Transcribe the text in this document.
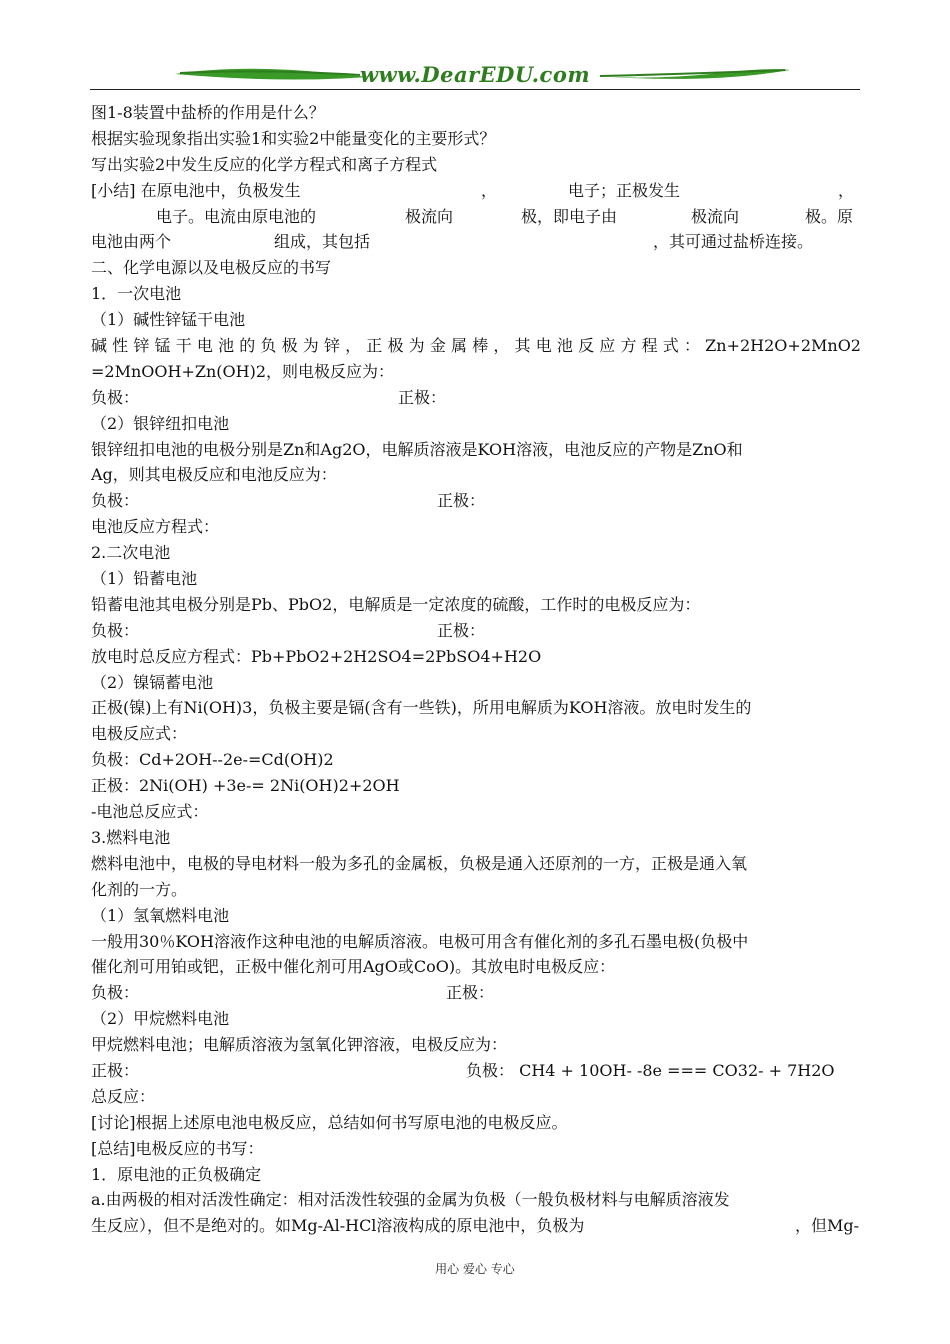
www.DearEDU.com
图1-8装置中盐桥的作用是什么？
根据实验现象指出实验1和实验2中能量变化的主要形式？
写出实验2中发生反应的化学方程式和离子方程式
[小结] 在原电池中，负极发生	，	电子；正极发生	，
电子。电流由原电池的	极流向	极，即电子由	极流向	极。原
电池由两个	组成，其包括	，其可通过盐桥连接。
二、化学电源以及电极反应的书写
1．一次电池
（1）碱性锌锰干电池
碱性锌锰干电池的负极为锌，正极为金属棒，其电池反应方程式：Zn+2H2O+2MnO2
=2MnOOH+Zn(OH)2，则电极反应为：
负极：	正极：
（2）银锌纽扣电池
银锌纽扣电池的电极分别是Zn和Ag2O，电解质溶液是KOH溶液，电池反应的产物是ZnO和
Ag，则其电极反应和电池反应为：
负极：	正极：
电池反应方程式：
2.二次电池
（1）铅蓄电池
铅蓄电池其电极分别是Pb、PbO2，电解质是一定浓度的硫酸，工作时的电极反应为：
负极：	正极：
放电时总反应方程式：Pb+PbO2+2H2SO4=2PbSO4+H2O
（2）镍镉蓄电池
正极(镍)上有Ni(OH)3，负极主要是镉(含有一些铁)，所用电解质为KOH溶液。放电时发生的
电极反应式：
负极：Cd+2OH--2e-=Cd(OH)2
正极：2Ni(OH) +3e-= 2Ni(OH)2+2OH
-电池总反应式：
3.燃料电池
燃料电池中，电极的导电材料一般为多孔的金属板，负极是通入还原剂的一方，正极是通入氧
化剂的一方。
（1）氢氧燃料电池
一般用30％KOH溶液作这种电池的电解质溶液。电极可用含有催化剂的多孔石墨电极(负极中
催化剂可用铂或钯，正极中催化剂可用AgO或CoO)。其放电时电极反应：
负极：	正极：
（2）甲烷燃料电池
甲烷燃料电池；电解质溶液为氢氧化钾溶液，电极反应为：
正极：	负极： CH4 + 10OH- -8e === CO32- + 7H2O
总反应：
[讨论]根据上述原电池电极反应，总结如何书写原电池的电极反应。
[总结]电极反应的书写：
1．原电池的正负极确定
a.由两极的相对活泼性确定：相对活泼性较强的金属为负极（一般负极材料与电解质溶液发
生反应），但不是绝对的。如Mg-Al-HCl溶液构成的原电池中，负极为	，但Mg-
用心 爱心 专心
